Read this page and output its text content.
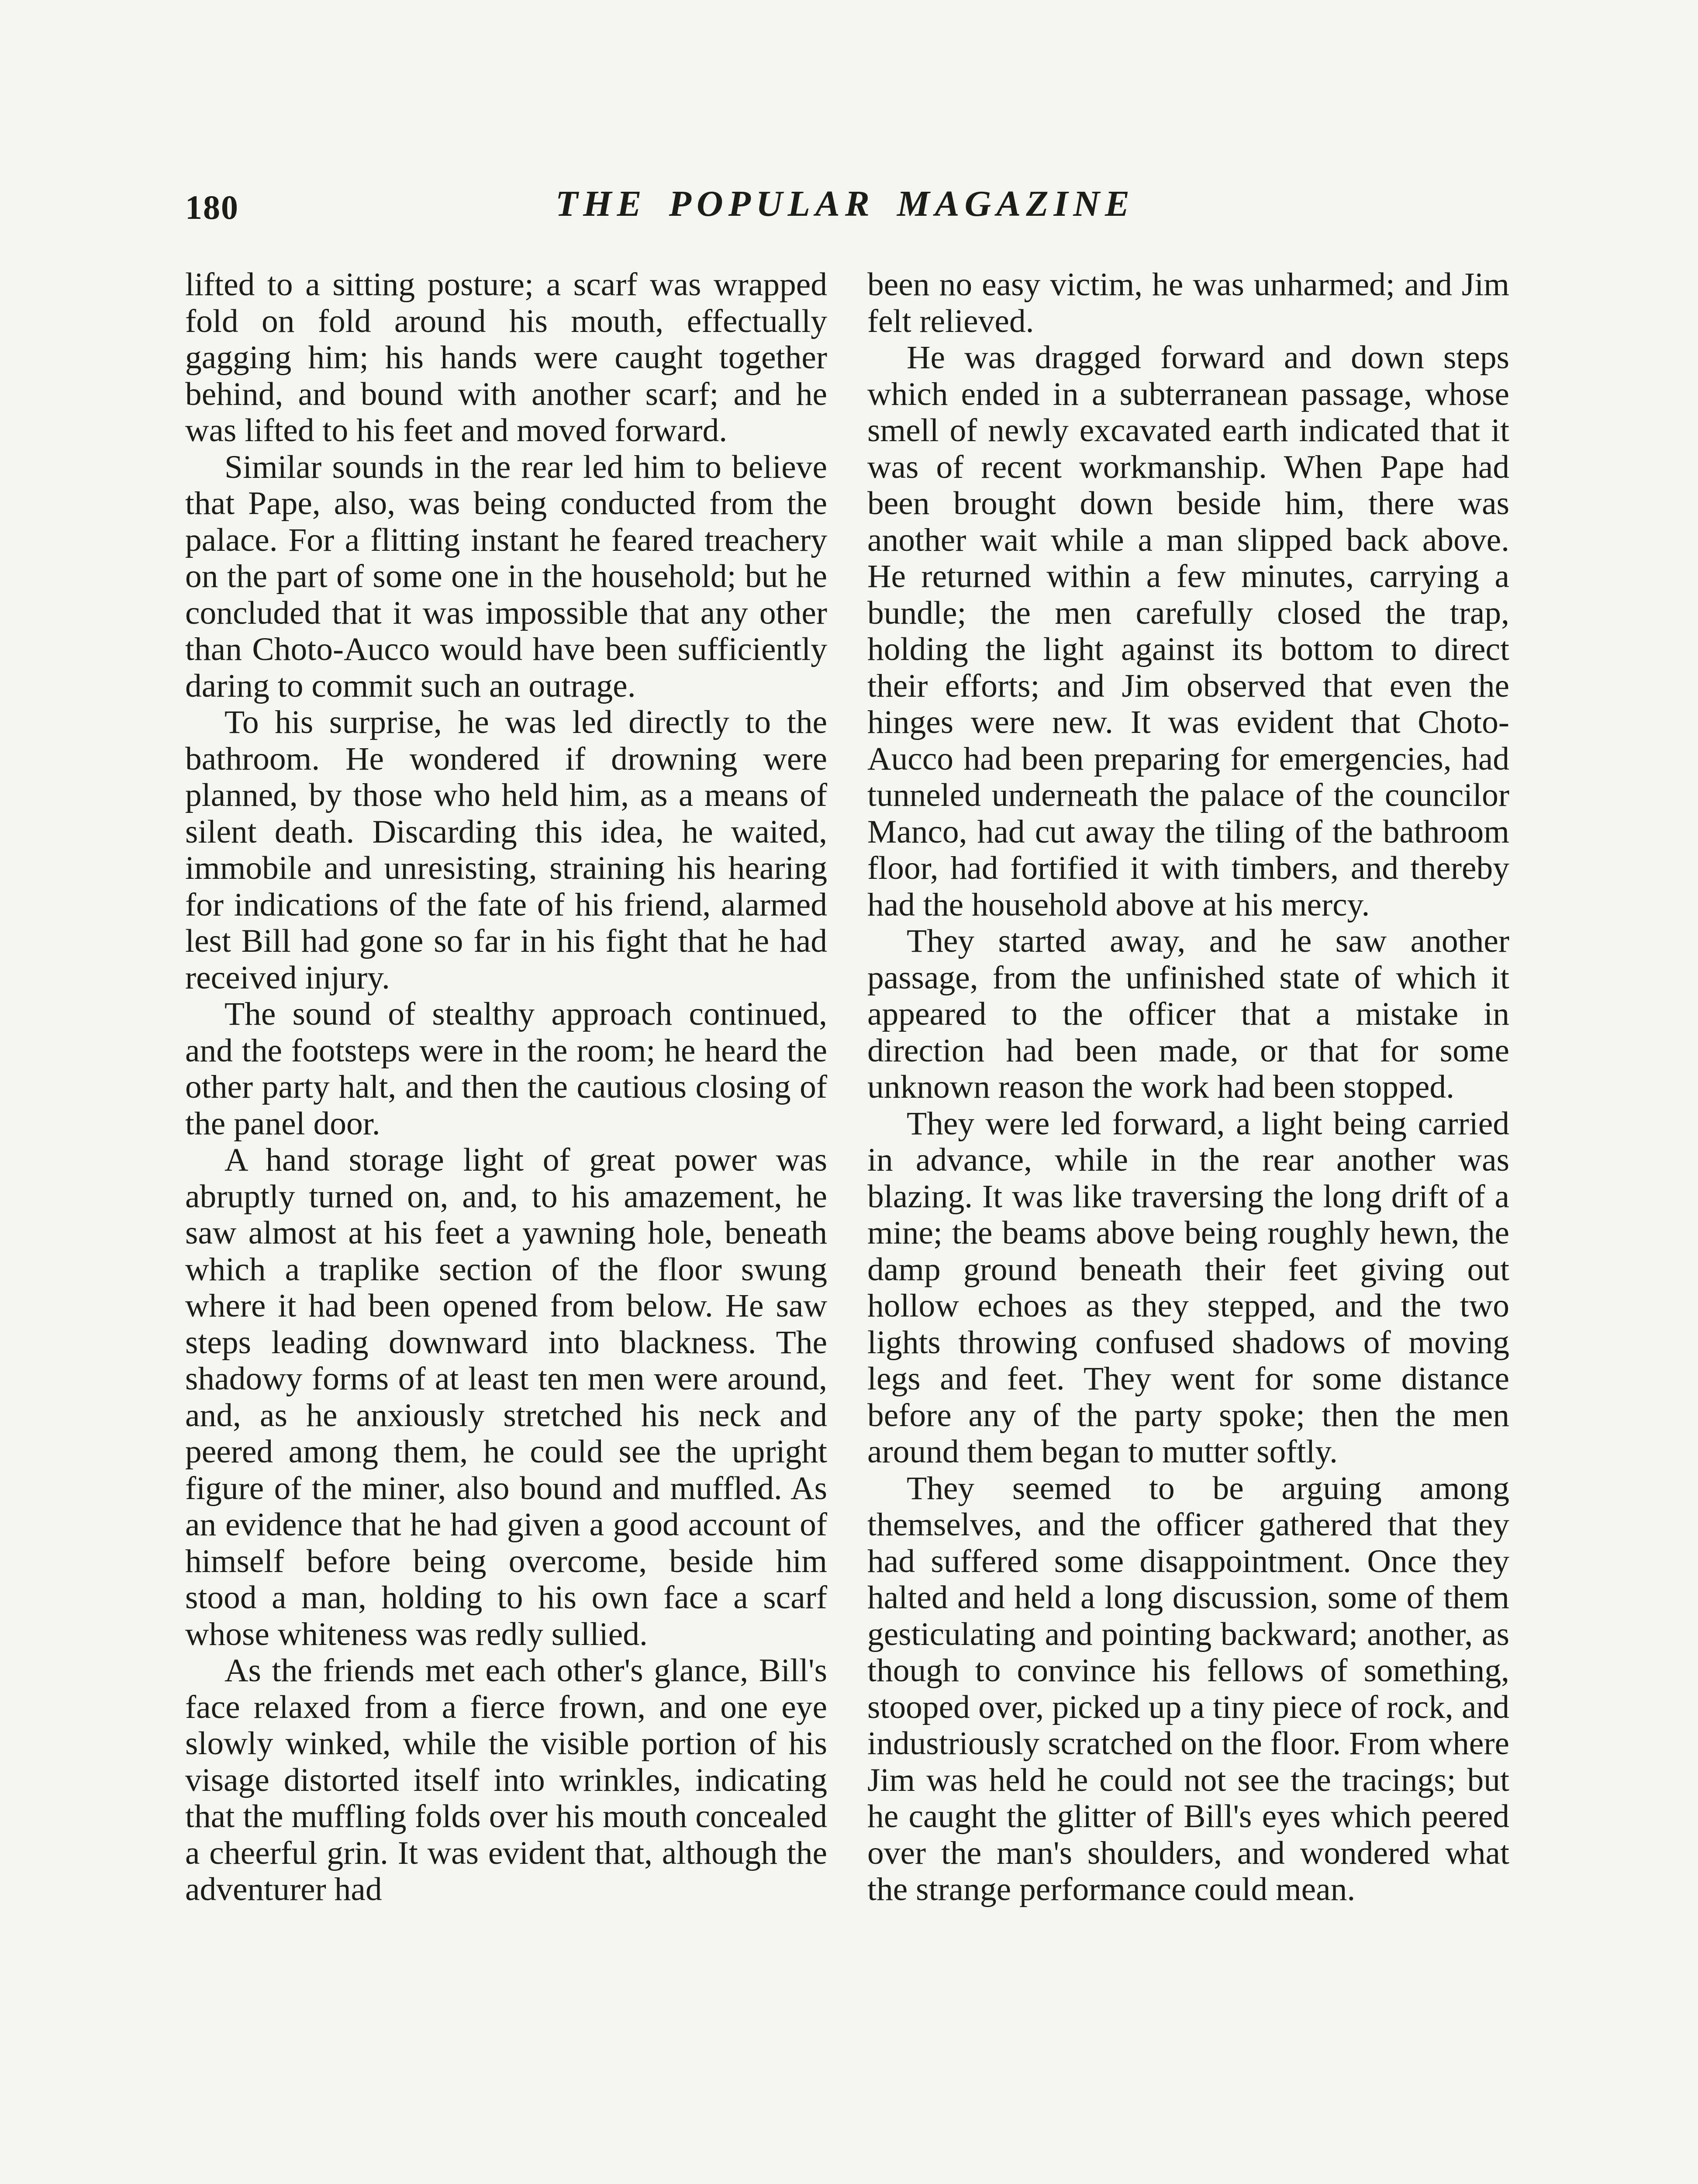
180	THE POPULAR MAGAZINE

lifted to a sitting posture; a scarf was wrapped fold on fold around his mouth, effectually gagging him; his hands were caught together behind, and bound with another scarf; and he was lifted to his feet and moved forward.

Similar sounds in the rear led him to believe that Pape, also, was being conducted from the palace. For a flitting instant he feared treachery on the part of some one in the household; but he concluded that it was impossible that any other than Choto-Aucco would have been sufficiently daring to commit such an outrage.

To his surprise, he was led directly to the bathroom. He wondered if drowning were planned, by those who held him, as a means of silent death. Discarding this idea, he waited, immobile and unresisting, straining his hearing for indications of the fate of his friend, alarmed lest Bill had gone so far in his fight that he had received injury.

The sound of stealthy approach continued, and the footsteps were in the room; he heard the other party halt, and then the cautious closing of the panel door.

A hand storage light of great power was abruptly turned on, and, to his amazement, he saw almost at his feet a yawning hole, beneath which a traplike section of the floor swung where it had been opened from below. He saw steps leading downward into blackness. The shadowy forms of at least ten men were around, and, as he anxiously stretched his neck and peered among them, he could see the upright figure of the miner, also bound and muffled. As an evidence that he had given a good account of himself before being overcome, beside him stood a man, holding to his own face a scarf whose whiteness was redly sullied.

As the friends met each other's glance, Bill's face relaxed from a fierce frown, and one eye slowly winked, while the visible portion of his visage distorted itself into wrinkles, indicating that the muffling folds over his mouth concealed a cheerful grin. It was evident that, although the adventurer had

been no easy victim, he was unharmed; and Jim felt relieved.

He was dragged forward and down steps which ended in a subterranean passage, whose smell of newly excavated earth indicated that it was of recent workmanship. When Pape had been brought down beside him, there was another wait while a man slipped back above. He returned within a few minutes, carrying a bundle; the men carefully closed the trap, holding the light against its bottom to direct their efforts; and Jim observed that even the hinges were new. It was evident that Choto-Aucco had been preparing for emergencies, had tunneled underneath the palace of the councilor Manco, had cut away the tiling of the bathroom floor, had fortified it with timbers, and thereby had the household above at his mercy.

They started away, and he saw another passage, from the unfinished state of which it appeared to the officer that a mistake in direction had been made, or that for some unknown reason the work had been stopped.

They were led forward, a light being carried in advance, while in the rear another was blazing. It was like traversing the long drift of a mine; the beams above being roughly hewn, the damp ground beneath their feet giving out hollow echoes as they stepped, and the two lights throwing confused shadows of moving legs and feet. They went for some distance before any of the party spoke; then the men around them began to mutter softly.

They seemed to be arguing among themselves, and the officer gathered that they had suffered some disappointment. Once they halted and held a long discussion, some of them gesticulating and pointing backward; another, as though to convince his fellows of something, stooped over, picked up a tiny piece of rock, and industriously scratched on the floor. From where Jim was held he could not see the tracings; but he caught the glitter of Bill's eyes which peered over the man's shoulders, and wondered what the strange performance could mean.
